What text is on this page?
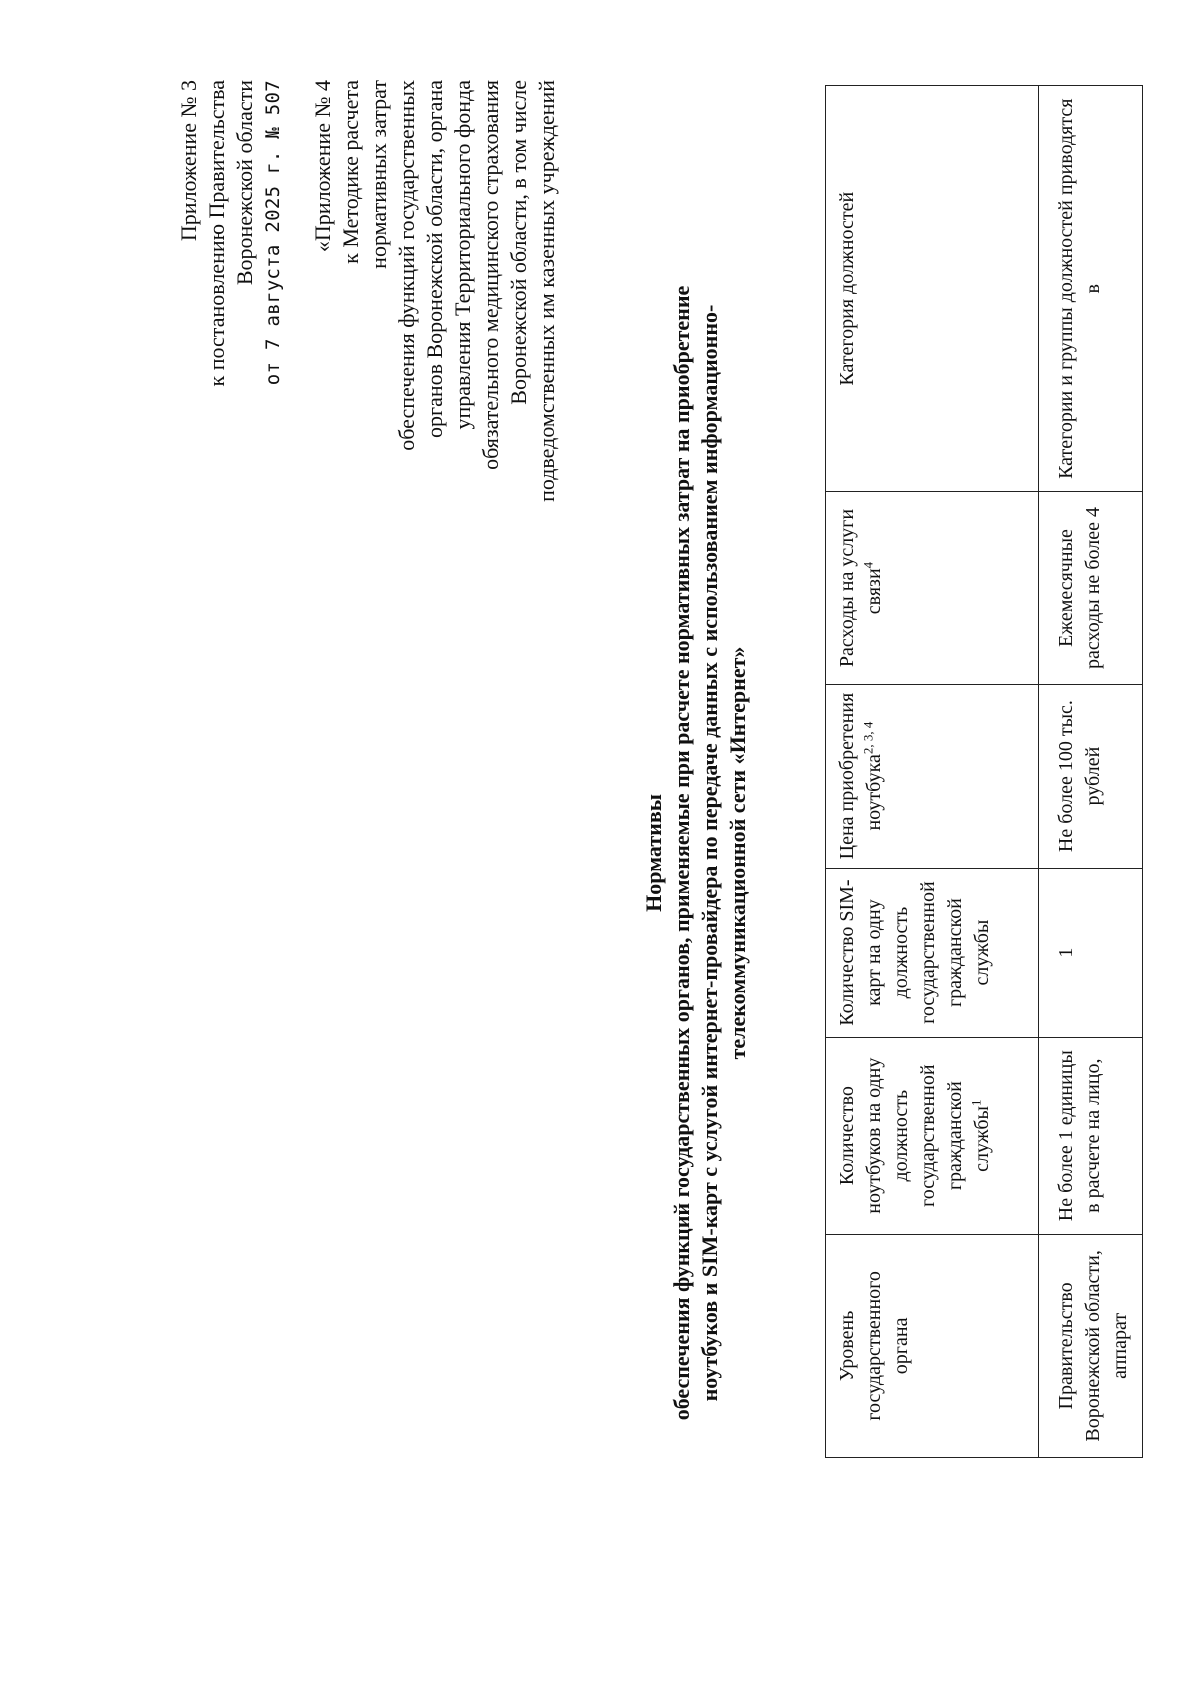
Приложение № 3 к постановлению Правительства Воронежской области от 7 августа 2025 г. № 507 «Приложение № 4 к Методике расчета нормативных затрат обеспечения функций государственных органов Воронежской области, органа управления Территориального фонда обязательного медицинского страхования Воронежской области, в том числе подведомственных им казенных учреждений
Нормативы обеспечения функций государственных органов, применяемые при расчете нормативных затрат на приобретение ноутбуков и SIM-карт с услугой интернет-провайдера по передаче данных с использованием информационно- телекоммуникационной сети «Интернет»
Уровень государственного органа	Количество ноутбуков на одну должность государственной гражданской службы$^1$	Количество SIM-карт на одну должность государственной гражданской службы	Цена приобретения ноутбука$^{2, 3, 4}$	Расходы на услуги связи$^4$	Категория должностей
Правительство Воронежской области, аппарат	Не более 1 единицы в расчете на лицо,	1	Не более 100 тыс. рублей	Ежемесячные расходы не более 4	Категории и группы должностей приводятся в
